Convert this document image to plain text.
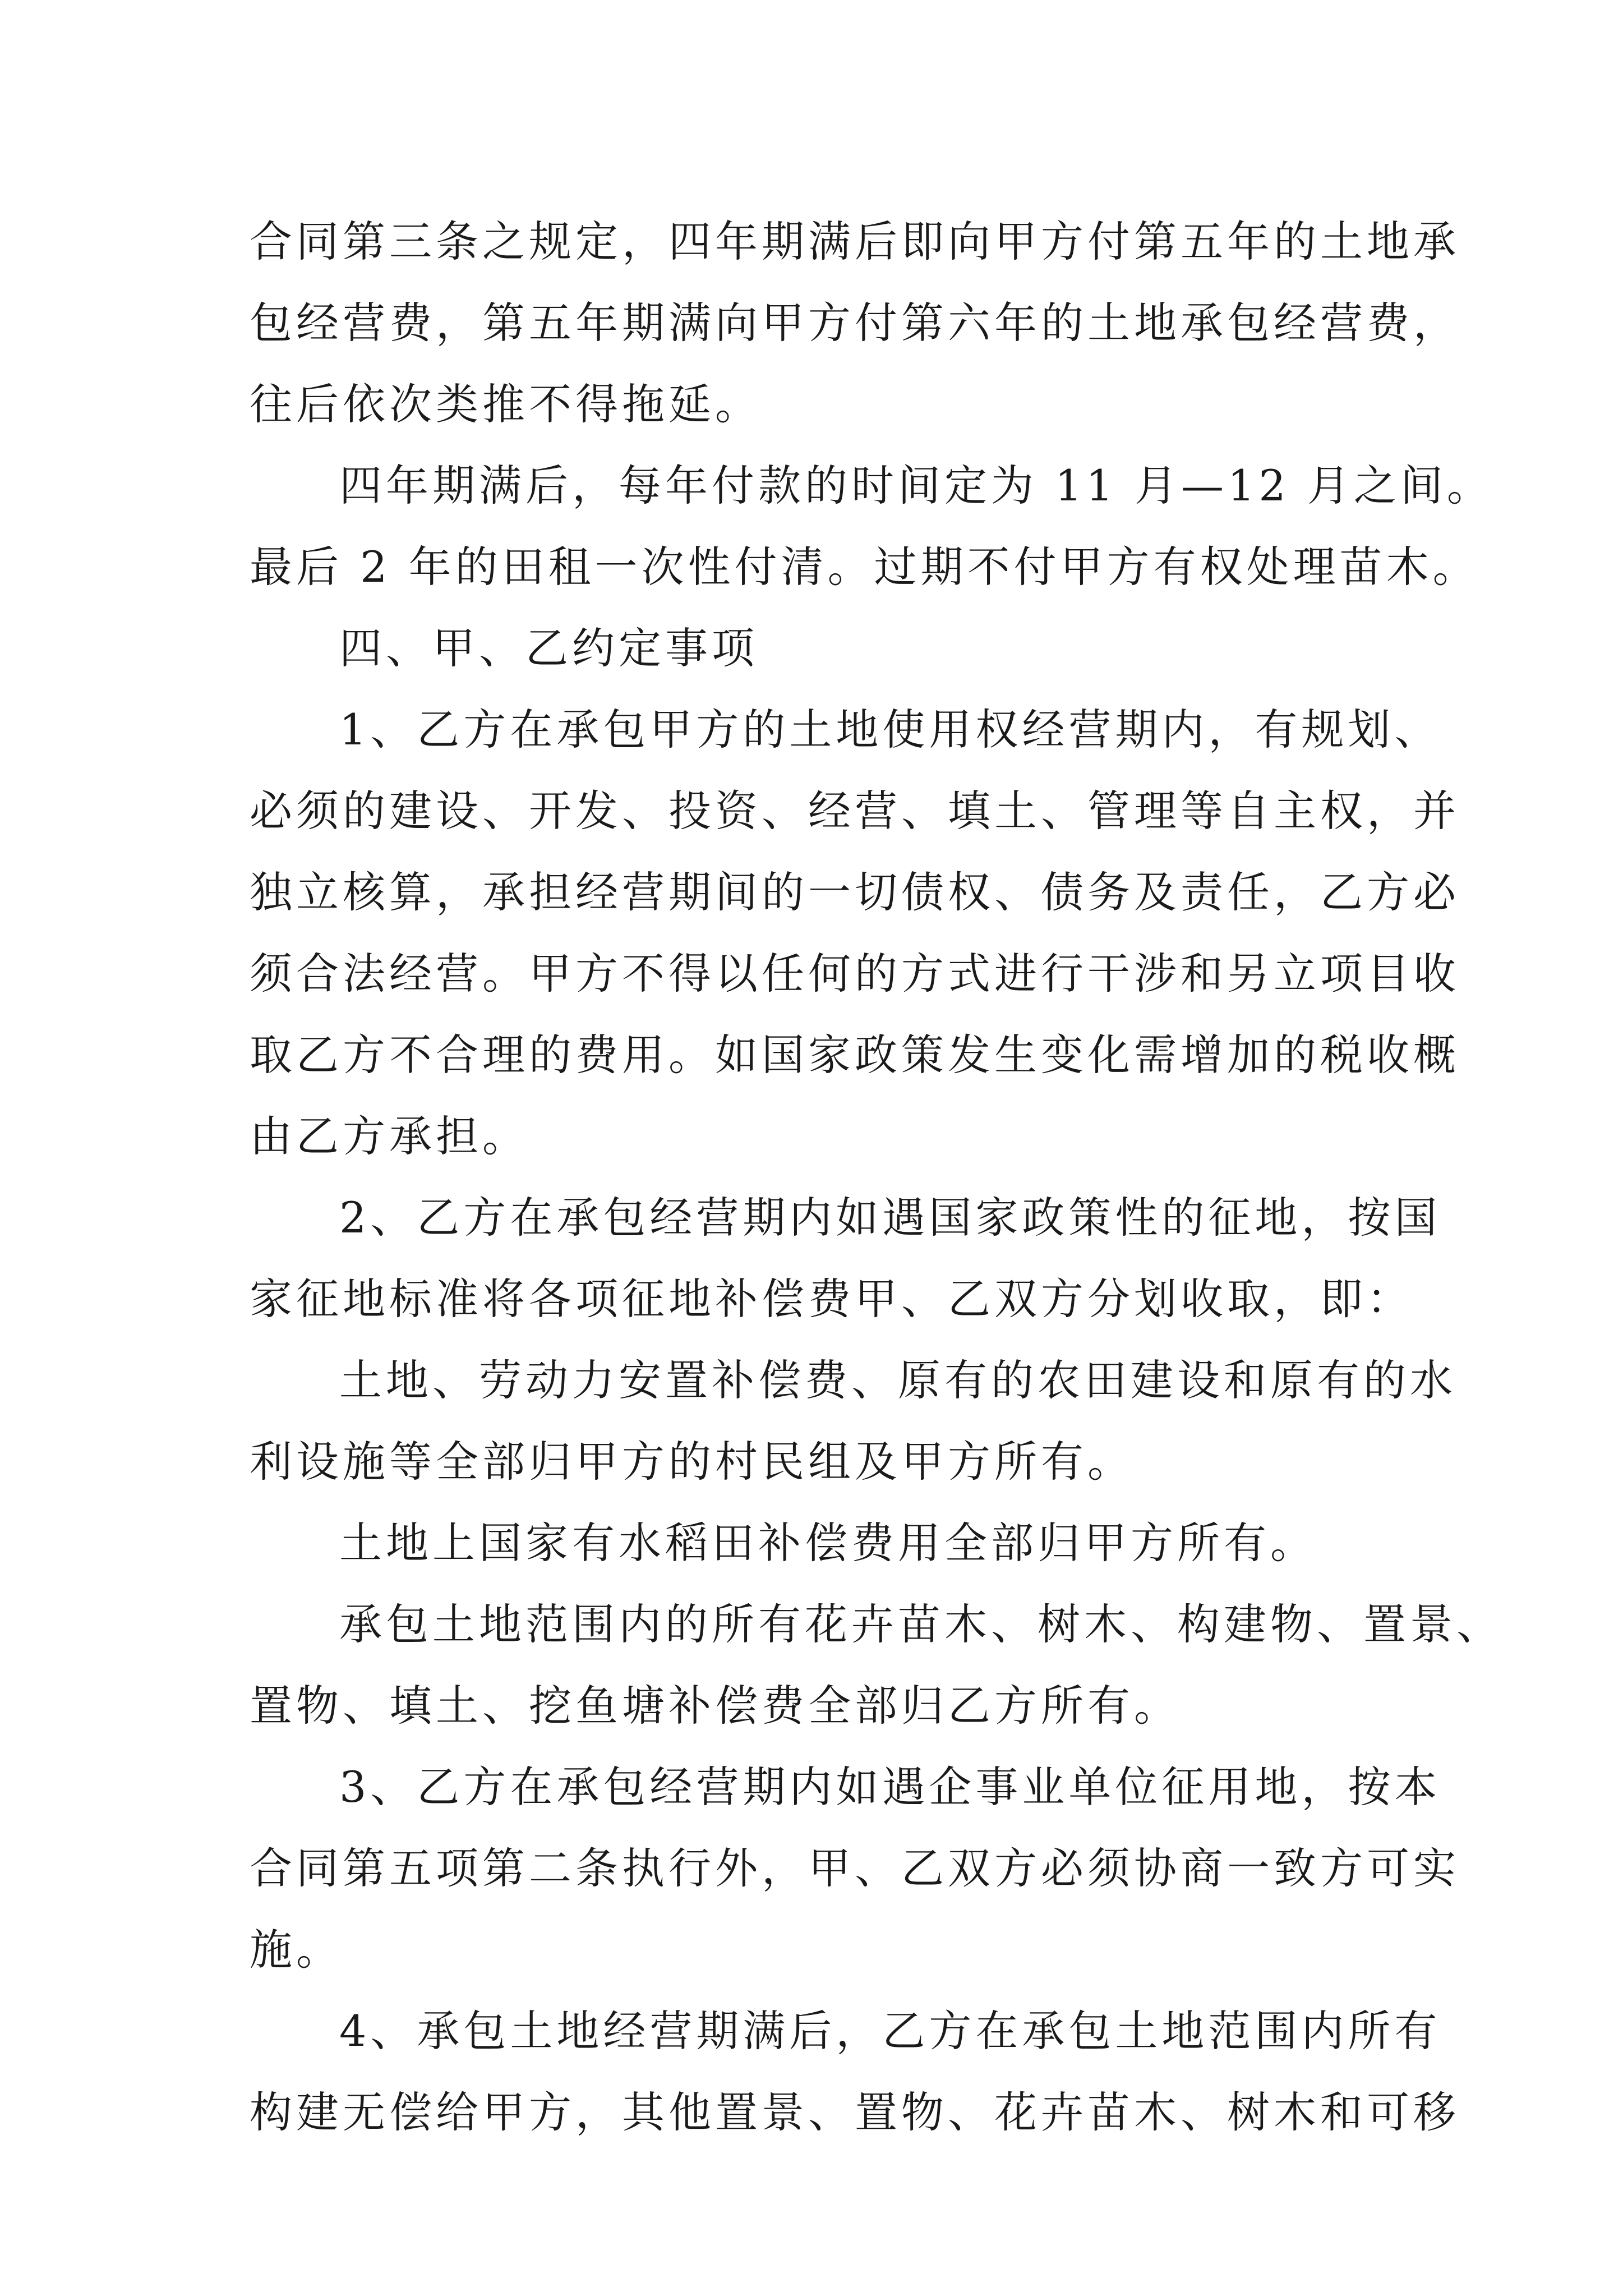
合同第三条之规定，四年期满后即向甲方付第五年的土地承
包经营费，第五年期满向甲方付第六年的土地承包经营费，
往后依次类推不得拖延。
四年期满后，每年付款的时间定为 11 月—12 月之间。
最后 2 年的田租一次性付清。过期不付甲方有权处理苗木。
四、甲、乙约定事项
1、乙方在承包甲方的土地使用权经营期内，有规划、
必须的建设、开发、投资、经营、填土、管理等自主权，并
独立核算，承担经营期间的一切债权、债务及责任，乙方必
须合法经营。甲方不得以任何的方式进行干涉和另立项目收
取乙方不合理的费用。如国家政策发生变化需增加的税收概
由乙方承担。
2、乙方在承包经营期内如遇国家政策性的征地，按国
家征地标准将各项征地补偿费甲、乙双方分划收取，即：
土地、劳动力安置补偿费、原有的农田建设和原有的水
利设施等全部归甲方的村民组及甲方所有。
土地上国家有水稻田补偿费用全部归甲方所有。
承包土地范围内的所有花卉苗木、树木、构建物、置景、
置物、填土、挖鱼塘补偿费全部归乙方所有。
3、乙方在承包经营期内如遇企事业单位征用地，按本
合同第五项第二条执行外，甲、乙双方必须协商一致方可实
施。
4、承包土地经营期满后，乙方在承包土地范围内所有
构建无偿给甲方，其他置景、置物、花卉苗木、树木和可移
